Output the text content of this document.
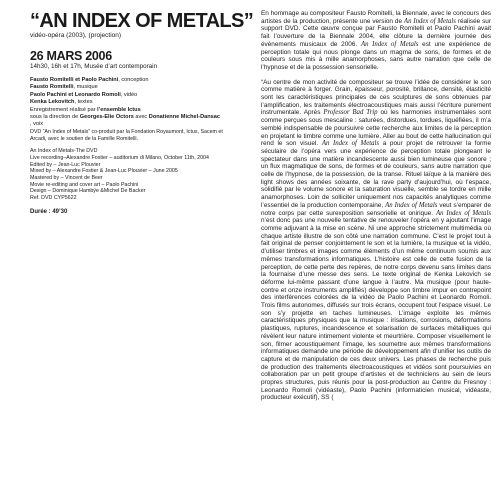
“AN INDEX OF METALS”

vidéo-opéra (2003), (projection)

26 MARS 2006

14h30, 16h et 17h, Musée d’art contemporain

Fausto Romitelli et Paolo Pachini, conception

Fausto Romitelli, musique

Paolo Pachini et Leonardo Romoli, vidéo

Kenka Lekovitch, textes

Enregistrement réalisé par l’ensemble Ictus

sous la direction de Georges-Elie Octors avec Donatienne Michel-Dansac

, voix

DVD “An Index of Metals” co-produit par la Fondation Royaumont, Ictus, Sacem et Arcadi, avec le soutien de la Famille Romitelli.

An Index of Metals-The DVD

Live recording–Alexandre Fostier – auditorium di Milano, October 11th, 2004

Edited by – Jean-Luc Plouvier

Mixed by – Alexandre Fostier & Jean-Luc Plouvier – June 2005

Mastered by – Vincent de Beer

Movie re-editing and cover art – Paolo Pachini

Design – Dominique Hambÿe &Michel De Backer

Ref. DVD CYP5622

Durée : 49’30

En hommage au compositeur Fausto Romitelli, la Biennale, avec le concours des artistes de la production, présente une version de An Index of Metals réalisée sur support DVD. Cette œuvre conçue par Fausto Romitelli et Paolo Pachini avait fait l’ouverture de la Biennale 2004, elle clôture la dernière journée des évènements musicaux de 2006. An Index of Metals est une expérience de perception totale qui nous plonge dans un magma de sons, de formes et de couleurs sous mis à mille anamorphoses, sans autre narration que celle de l’hypnose et de la possession sensorielle.

“Au centre de mon activité de compositeur se trouve l’idée de considérer le son comme matière à forger. Grain, épaisseur, porosité, brillance, densité, élasticité sont les caractéristiques principales de ces sculptures de sons obtenues par l’amplification, les traitements électroacoustiques mais aussi l’écriture purement instrumentale. Après Professor Bad Trip où les harmonies instrumentales sont comme perçues sous mescaline : saturées, distordues, tordues, liquéfiées, il m’a semblé indispensable de poursuivre cette recherche aux limites de la perception en projetant le timbre comme une lumière. Aller au bout de cette hallucination qui rend le son visuel. An Index of Metals a pour projet de retrouver la forme séculaire de l’opéra vers une expérience de perception totale plongeant le spectateur dans une matière incandescente aussi bien lumineuse que sonore ; un flux magmatique de sons, de formes et de couleurs, sans autre narration que celle de l’hypnose, de la possession, de la transe. Rituel laïque à la manière des light shows des années soixante, de la rave party d’aujourd’hui, où l’espace, solidifié par le volume sonore et la saturation visuelle, semble se tordre en mille anamorphoses. Loin de solliciter uniquement nos capacités analytiques comme l’essentiel de la production contemporaine, An Index of Metals veut s’emparer de notre corps par cette surexposition sensorielle et onirique. An Index of Metals n’est donc pas une nouvelle tentative de renouveler l’opéra en y ajoutant l’image comme adjuvant à la mise en scène. Ni une approche strictement multimédia où chaque artiste illustre de son côté une narration commune. C’est le projet tout à fait original de penser conjointement le son et la lumière, la musique et la vidéo, d’utiliser timbres et images comme éléments d’un même continuum soumis aux mêmes transformations informatiques. L’histoire est celle de cette fusion de la perception, de cette perte des repères, de notre corps devenu sans limites dans la fournaise d’une messe des sens. Le texte original de Kenka Lekovich se déforme lui-même passant d’une langue à l’autre. Ma musique (pour haute-contre et onze instruments amplifiés) développe son timbre impur en contrepoint des interférences colorées de la vidéo de Paolo Pachini et Leonardo Romoli. Trois films autonomes, diffusés sur trois écrans, occupent tout l’espace visuel. Le son s’y projette en taches lumineuses. L’image exploite les mêmes caractéristiques physiques que la musique : irisations, corrosions, déformations plastiques, ruptures, incandescence et solarisation de surfaces métalliques qui révèlent leur nature intimement violente et meurtrière. Composer visuellement le son, filmer acoustiquement l’image, les soumettre aux mêmes transformations informatiques demande une période de développement afin d’unifier les outils de capture et de manipulation de ces deux univers. Les phases de recherche puis de production des traitements électroacoustiques et vidéos sont poursuivies en collaboration par un petit groupe d’artistes et de techniciens au sein de leurs propres structures, puis réunis pour la post-production au Centre du Fresnoy : Leonardo Romoli (vidéaste), Paolo Pachini (informaticien musical, vidéaste, producteur exécutif), SS (
